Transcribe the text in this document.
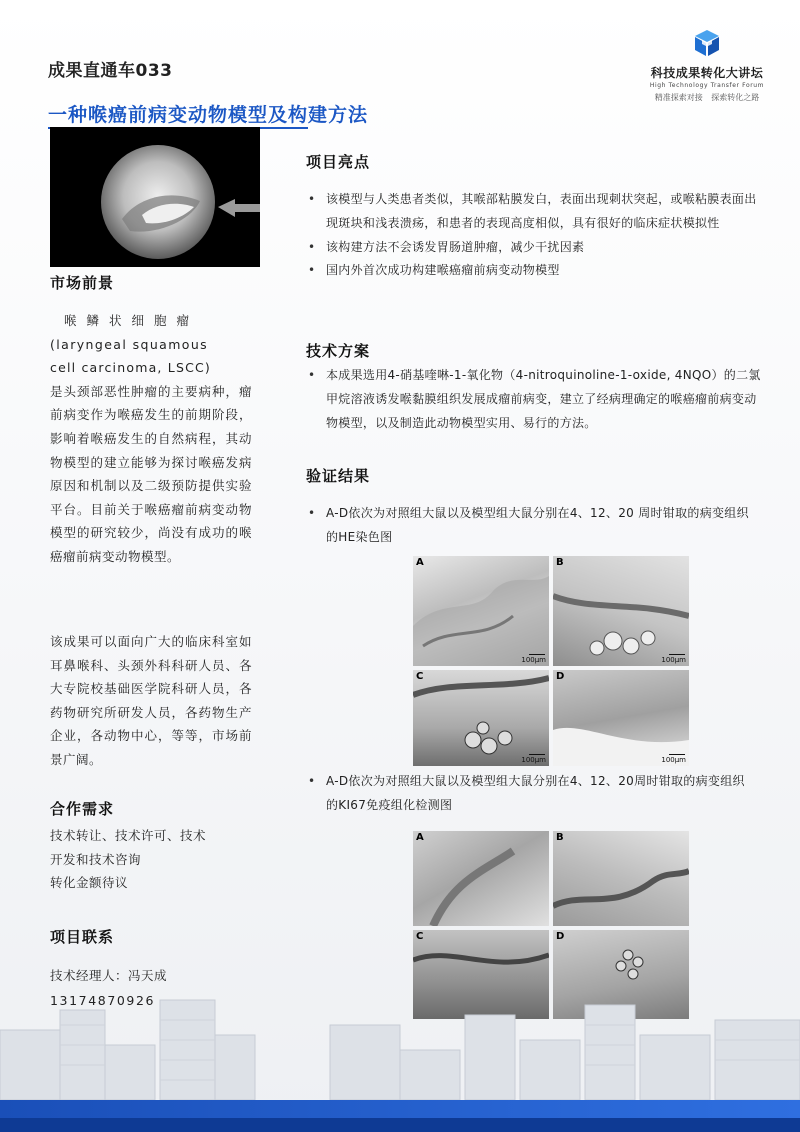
成果直通车033	科技成果转化大讲坛
High Technology Transfer Forum
精准探索对接 探索转化之路
一种喉癌前病变动物模型及构建方法
市场前景
喉鳞状细胞瘤
(laryngeal squamous
cell carcinoma, LSCC)
是头颈部恶性肿瘤的主要病种，瘤前病变作为喉癌发生的前期阶段，影响着喉癌发生的自然病程，其动物模型的建立能够为探讨喉癌发病原因和机制以及二级预防提供实验平台。目前关于喉癌瘤前病变动物模型的研究较少，尚没有成功的喉癌瘤前病变动物模型。
该成果可以面向广大的临床科室如耳鼻喉科、头颈外科科研人员、各大专院校基础医学院科研人员，各药物研究所研发人员，各药物生产企业，各动物中心，等等，市场前景广阔。
合作需求
技术转让、技术许可、技术
开发和技术咨询
转化金额待议
项目联系
技术经理人：冯天成
13174870926
项目亮点
• 该模型与人类患者类似，其喉部粘膜发白，表面出现刺状突起，或喉粘膜表面出现斑块和浅表溃疡，和患者的表现高度相似，具有很好的临床症状模拟性
• 该构建方法不会诱发胃肠道肿瘤，减少干扰因素
• 国内外首次成功构建喉癌瘤前病变动物模型
技术方案
• 本成果选用4-硝基喹啉-1-氧化物（4-nitroquinoline-1-oxide, 4NQO）的二氯甲烷溶液诱发喉黏膜组织发展成瘤前病变，建立了经病理确定的喉癌瘤前病变动物模型，以及制造此动物模型实用、易行的方法。
验证结果
• A-D依次为对照组大鼠以及模型组大鼠分别在4、12、20 周时钳取的病变组织的HE染色图
A
100μm
B
100μm
C
100μm
D
100μm
• A-D依次为对照组大鼠以及模型组大鼠分别在4、12、20周时钳取的病变组织的KI67免疫组化检测图
A	B
C	D
